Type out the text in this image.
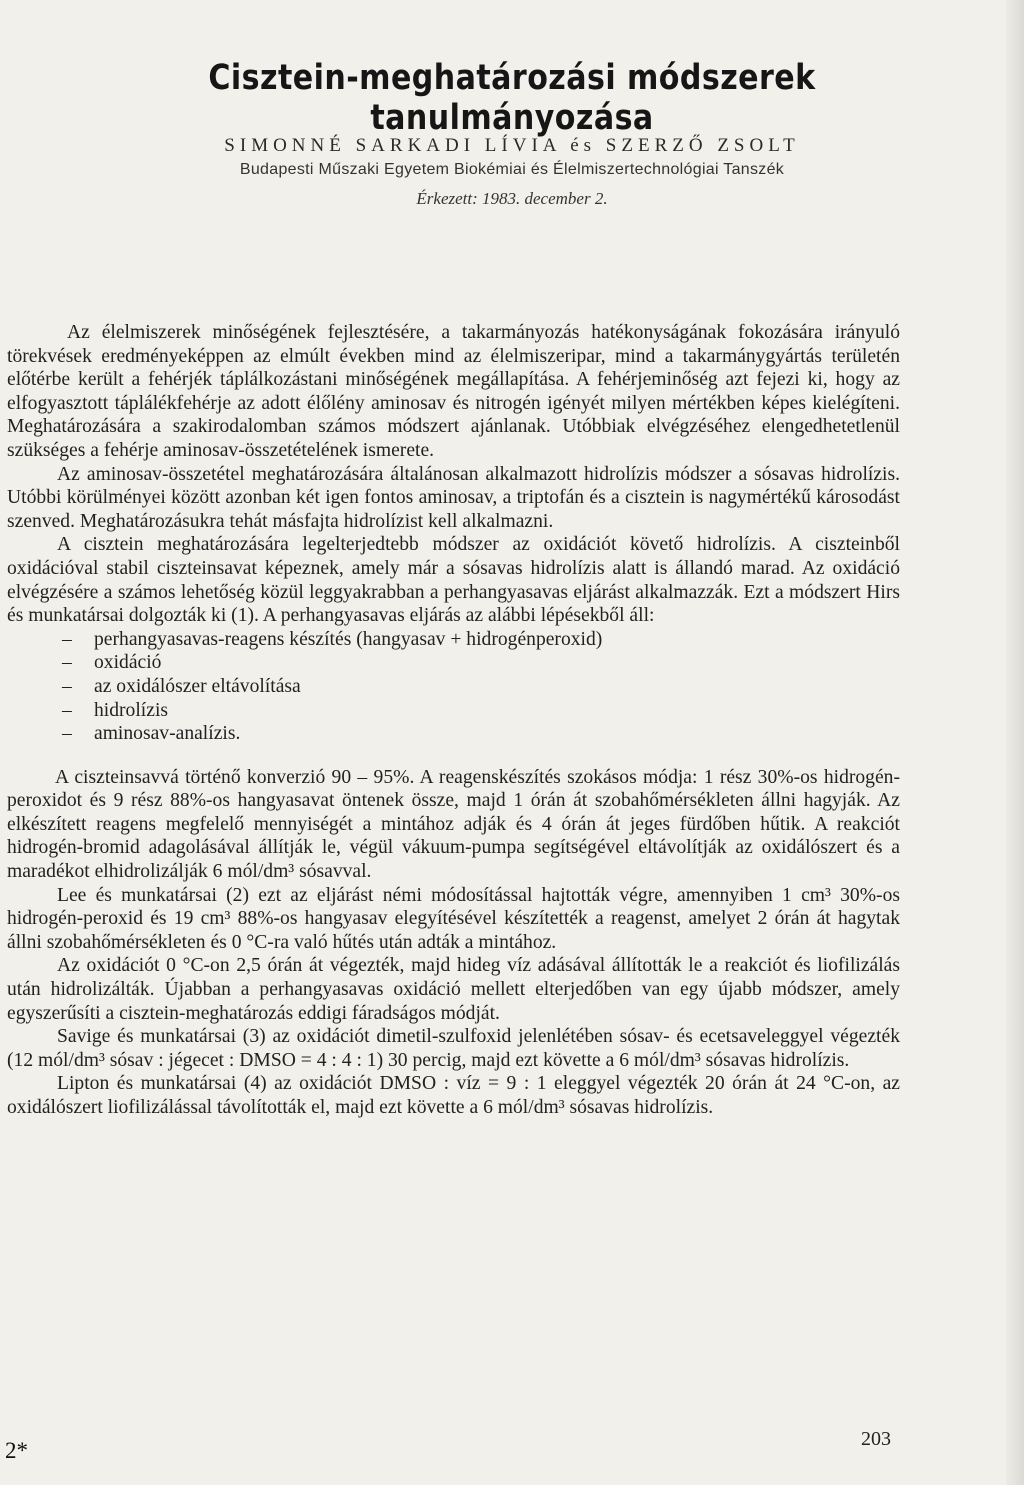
Cisztein-meghatározási módszerek tanulmányozása
SIMONNÉ SARKADI LÍVIA és SZERZŐ ZSOLT
Budapesti Műszaki Egyetem Biokémiai és Élelmiszertechnológiai Tanszék
Érkezett: 1983. december 2.

Az élelmiszerek minőségének fejlesztésére, a takarmányozás hatékonyságának fokozására irányuló törekvések eredményeképpen az elmúlt években mind az élelmiszeripar, mind a takarmánygyártás területén előtérbe került a fehérjék táplálkozástani minőségének megállapítása. A fehérjeminőség azt fejezi ki, hogy az elfogyasztott táplálékfehérje az adott élőlény aminosav és nitrogén igényét milyen mértékben képes kielégíteni. Meghatározására a szakirodalomban számos módszert ajánlanak. Utóbbiak elvégzéséhez elengedhetetlenül szükséges a fehérje aminosav-összetételének ismerete.

Az aminosav-összetétel meghatározására általánosan alkalmazott hidrolízis módszer a sósavas hidrolízis. Utóbbi körülményei között azonban két igen fontos aminosav, a triptofán és a cisztein is nagymértékű károsodást szenved. Meghatározásukra tehát másfajta hidrolízist kell alkalmazni.

A cisztein meghatározására legelterjedtebb módszer az oxidációt követő hidrolízis. A ciszteinből oxidációval stabil ciszteinsavat képeznek, amely már a sósavas hidrolízis alatt is állandó marad. Az oxidáció elvégzésére a számos lehetőség közül leggyakrabban a perhangyasavas eljárást alkalmazzák. Ezt a módszert Hirs és munkatársai dolgozták ki (1). A perhangyasavas eljárás az alábbi lépésekből áll:

– perhangyasavas-reagens készítés (hangyasav + hidrogénperoxid)
– oxidáció
– az oxidálószer eltávolítása
– hidrolízis
– aminosav-analízis.

A ciszteinsavvá történő konverzió 90 – 95%. A reagenskészítés szokásos módja: 1 rész 30%-os hidrogén-peroxidot és 9 rész 88%-os hangyasavat öntenek össze, majd 1 órán át szobahőmérsékleten állni hagyják. Az elkészített reagens megfelelő mennyiségét a mintához adják és 4 órán át jeges fürdőben hűtik. A reakciót hidrogén-bromid adagolásával állítják le, végül vákuum-pumpa segítségével eltávolítják az oxidálószert és a maradékot elhidrolizálják 6 mól/dm³ sósavval.

Lee és munkatársai (2) ezt az eljárást némi módosítással hajtották végre, amennyiben 1 cm³ 30%-os hidrogén-peroxid és 19 cm³ 88%-os hangyasav elegyítésével készítették a reagenst, amelyet 2 órán át hagytak állni szobahőmérsékleten és 0 °C-ra való hűtés után adták a mintához.

Az oxidációt 0 °C-on 2,5 órán át végezték, majd hideg víz adásával állították le a reakciót és liofilizálás után hidrolizálták. Újabban a perhangyasavas oxidáció mellett elterjedőben van egy újabb módszer, amely egyszerűsíti a cisztein-meghatározás eddigi fáradságos módját.

Savige és munkatársai (3) az oxidációt dimetil-szulfoxid jelenlétében sósav- és ecetsaveleggyel végezték (12 mól/dm³ sósav : jégecet : DMSO = 4 : 4 : 1) 30 percig, majd ezt követte a 6 mól/dm³ sósavas hidrolízis.

Lipton és munkatársai (4) az oxidációt DMSO : víz = 9 : 1 eleggyel végezték 20 órán át 24 °C-on, az oxidálószert liofilizálással távolították el, majd ezt követte a 6 mól/dm³ sósavas hidrolízis.

2*	203
